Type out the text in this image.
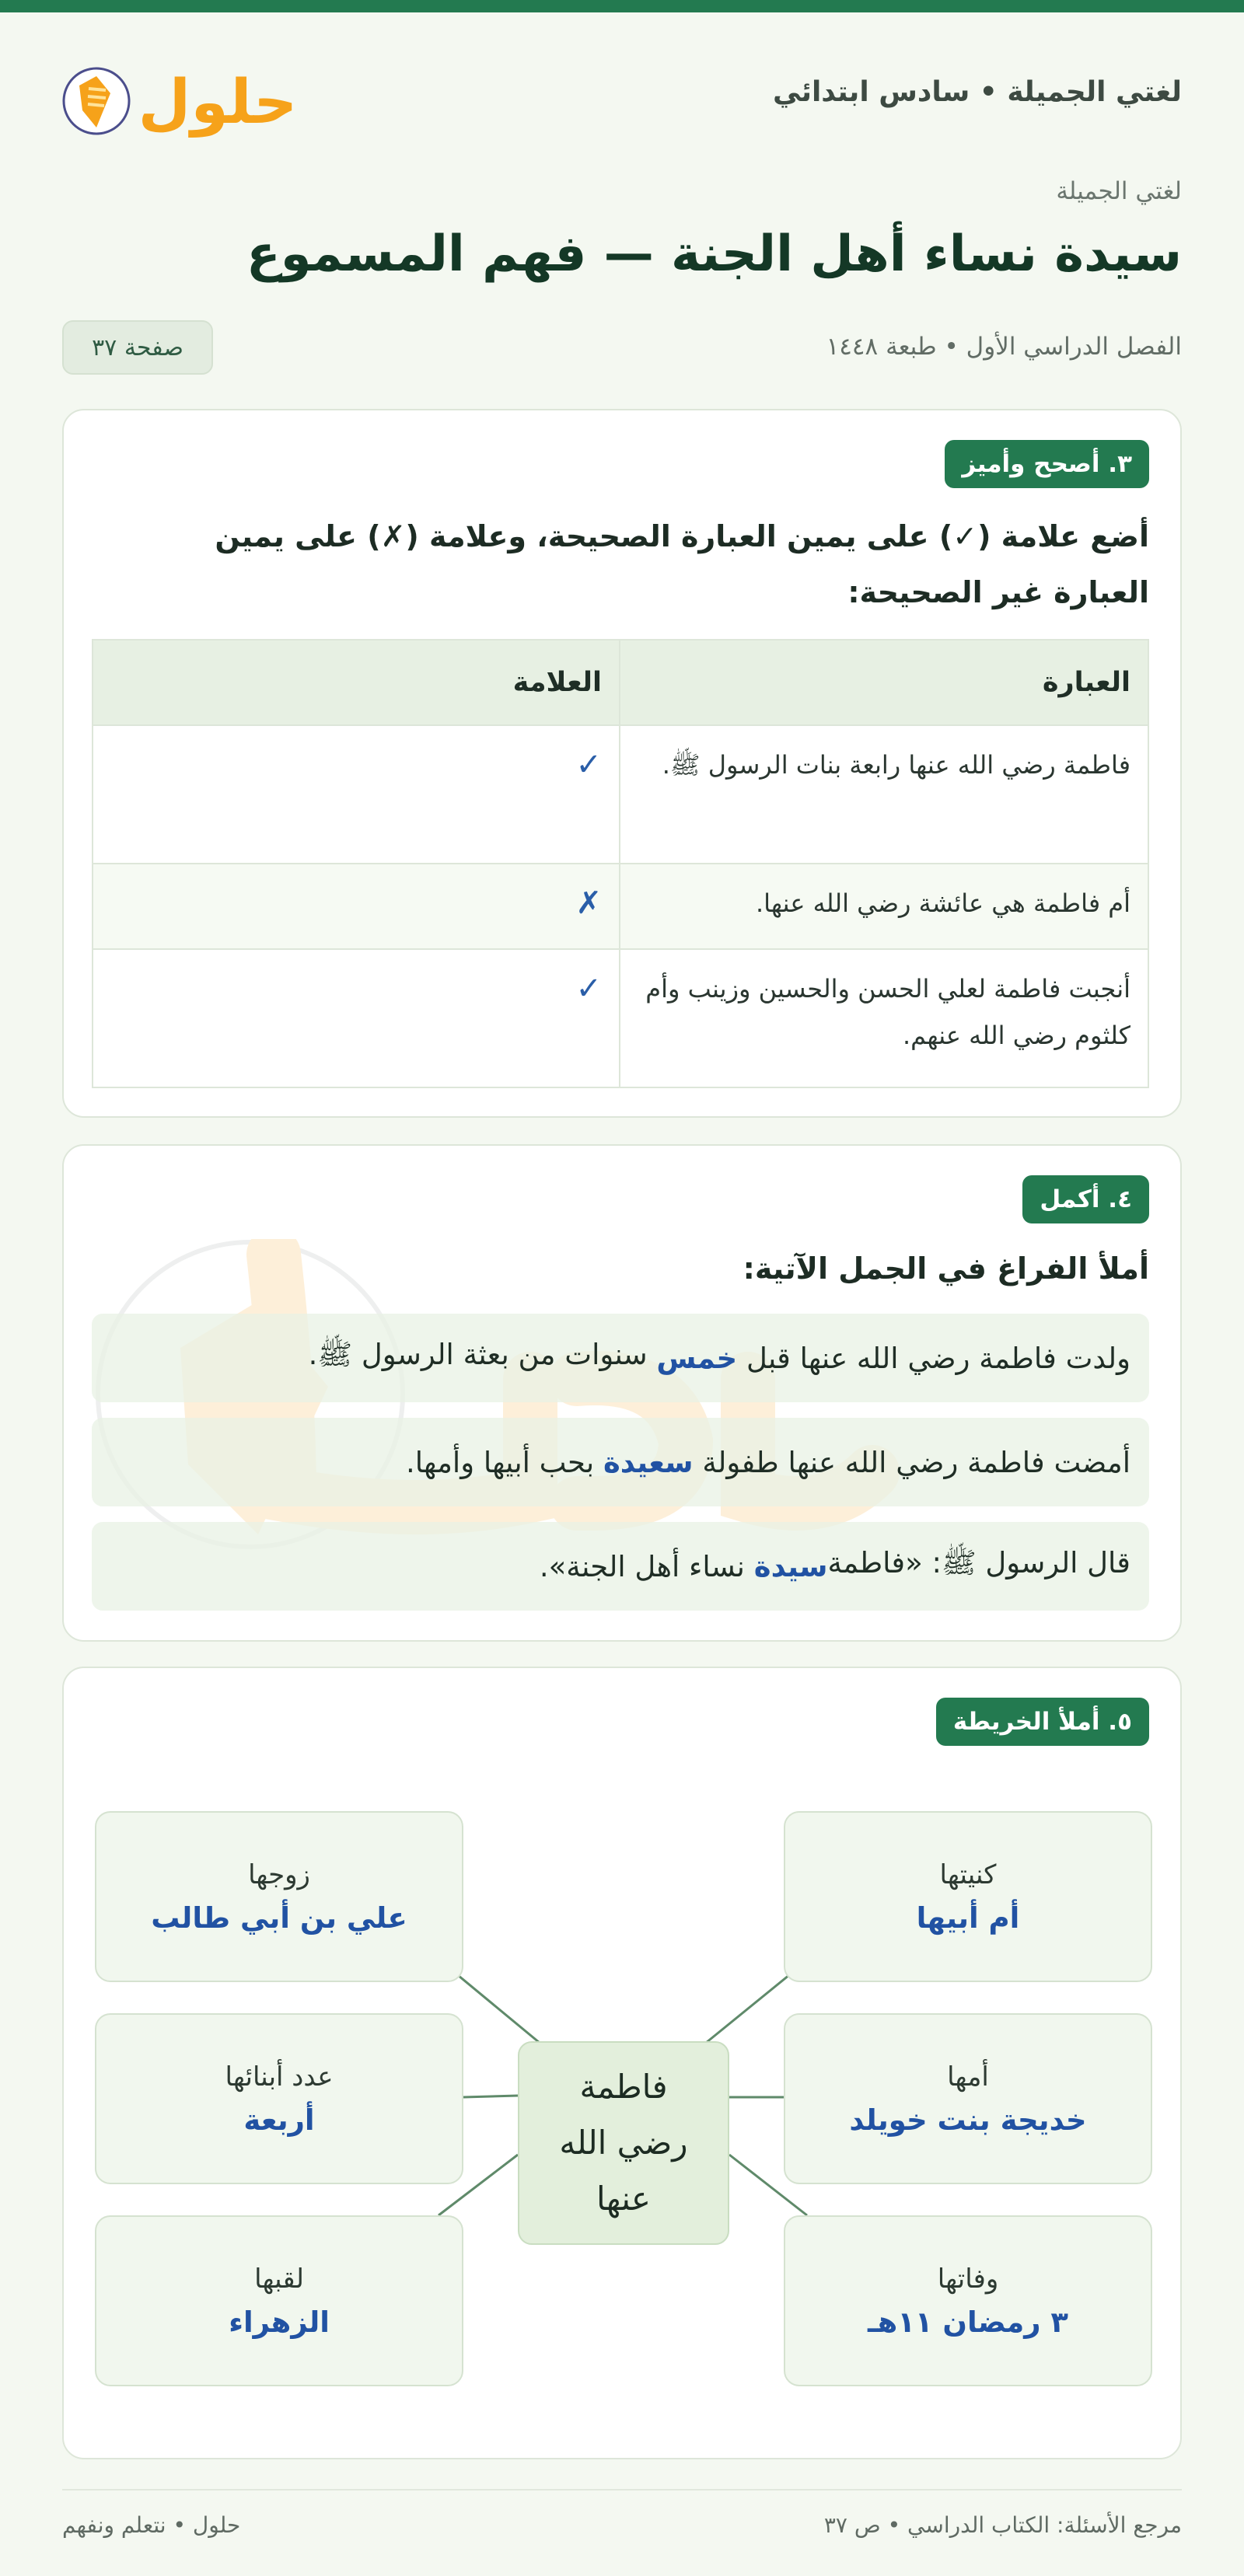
لغتي الجميلة • سادس ابتدائي
حلول
لغتي الجميلة
سيدة نساء أهل الجنة — فهم المسموع
الفصل الدراسي الأول • طبعة ١٤٤٨
صفحة ٣٧
٣. أصحح وأميز
أضع علامة (✓) على يمين العبارة الصحيحة، وعلامة (✗) على يمين
العبارة غير الصحيحة:
العبارة	العلامة
فاطمة رضي الله عنها رابعة بنات الرسول ﷺ.	✓
أم فاطمة هي عائشة رضي الله عنها.	✗
أنجبت فاطمة لعلي الحسن والحسين وزينب وأم كلثوم رضي الله عنهم.	✓
٤. أكمل
أملأ الفراغ في الجمل الآتية:
ولدت فاطمة رضي الله عنها قبل

خمس

سنوات من بعثة الرسول ﷺ.
أمضت فاطمة رضي الله عنها طفولة

سعيدة

بحب أبيها وأمها.
قال الرسول ﷺ: «فاطمة
سيدة

نساء أهل الجنة».
٥. أملأ الخريطة
زوجها
علي بن أبي طالب
كنيتها
أم أبيها
عدد أبنائها
أربعة
أمها
خديجة بنت خويلد
لقبها
الزهراء
وفاتها
٣ رمضان ١١هـ
فاطمة رضي الله عنها
مرجع الأسئلة: الكتاب الدراسي • ص ٣٧
حلول • نتعلم ونفهم
